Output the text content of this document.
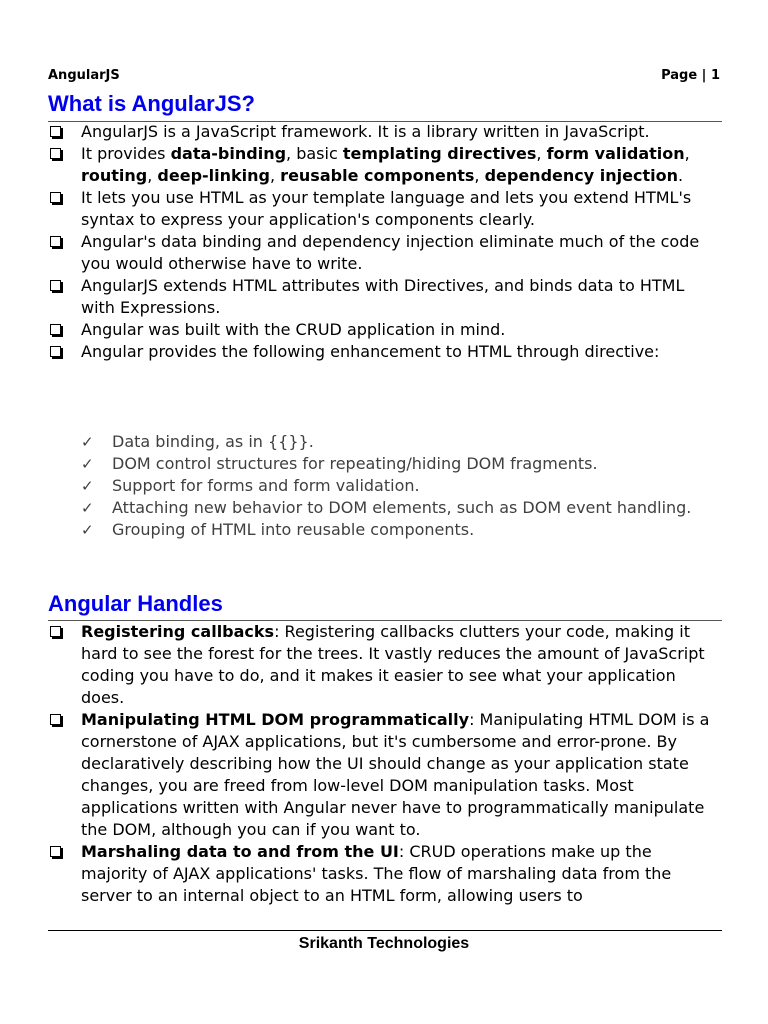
AngularJS	Page | 1
What is AngularJS?
AngularJS is a JavaScript framework. It is a library written in JavaScript.
It provides data-binding, basic templating directives, form validation, routing, deep-linking, reusable components, dependency injection.
It lets you use HTML as your template language and lets you extend HTML's syntax to express your application's components clearly.
Angular's data binding and dependency injection eliminate much of the code you would otherwise have to write.
AngularJS extends HTML attributes with Directives, and binds data to HTML with Expressions.
Angular was built with the CRUD application in mind.
Angular provides the following enhancement to HTML through directive:
✓ Data binding, as in {{}}.
✓ DOM control structures for repeating/hiding DOM fragments.
✓ Support for forms and form validation.
✓ Attaching new behavior to DOM elements, such as DOM event handling.
✓ Grouping of HTML into reusable components.
Angular Handles
Registering callbacks: Registering callbacks clutters your code, making it hard to see the forest for the trees. It vastly reduces the amount of JavaScript coding you have to do, and it makes it easier to see what your application does.
Manipulating HTML DOM programmatically: Manipulating HTML DOM is a cornerstone of AJAX applications, but it's cumbersome and error-prone. By declaratively describing how the UI should change as your application state changes, you are freed from low-level DOM manipulation tasks. Most applications written with Angular never have to programmatically manipulate the DOM, although you can if you want to.
Marshaling data to and from the UI: CRUD operations make up the majority of AJAX applications' tasks. The flow of marshaling data from the server to an internal object to an HTML form, allowing users to
Srikanth Technologies
